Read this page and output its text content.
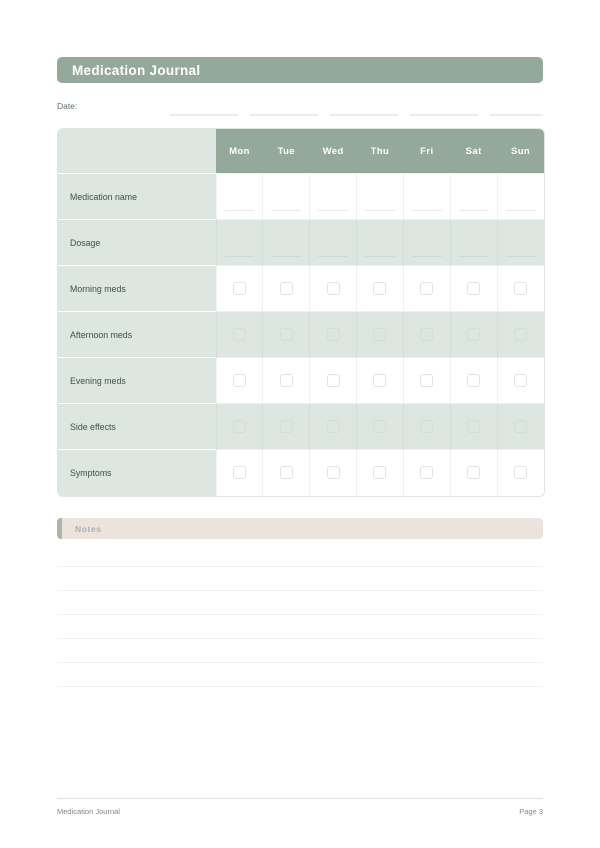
Medication Journal
Date:
	Mon	Tue	Wed	Thu	Fri	Sat	Sun
Medication name	

Dosage	

Morning meds	

Afternoon meds	

Evening meds	

Side effects	

Symptoms	

Notes
Medication Journal	Page 3
